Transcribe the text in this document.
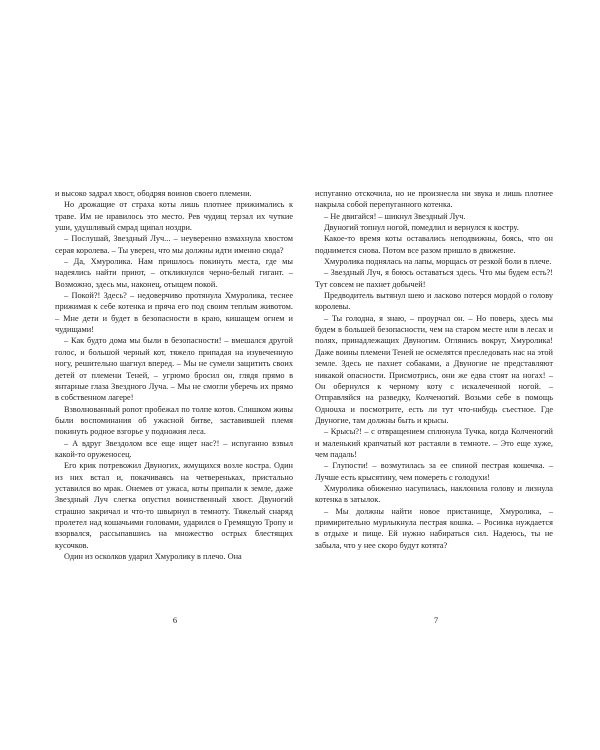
и высоко задрал хвост, ободряя воинов своего племени.

Но дрожащие от страха коты лишь плотнее прижимались к траве. Им не нравилось это место. Рев чудищ терзал их чуткие уши, удушливый смрад щипал ноздри.

– Послушай, Звездный Луч... – неуверенно взмахнула хвостом серая королева. – Ты уверен, что мы должны идти именно сюда?

– Да, Хмуролика. Нам пришлось покинуть места, где мы надеялись найти приют, – откликнулся черно-белый гигант. – Возможно, здесь мы, наконец, отыщем покой.

– Покой?! Здесь? – недоверчиво протянула Хмуролика, теснее прижимая к себе котенка и пряча его под своим теплым животом. – Мне дети и будет в безопасности в краю, кишащем огнем и чудищами!

– Как будто дома мы были в безопасности! – вмешался другой голос, и большой черный кот, тяжело припадая на изувеченную ногу, решительно шагнул вперед. – Мы не сумели защитить своих детей от племени Теней, – угрюмо бросил он, глядя прямо в янтарные глаза Звездного Луча. – Мы не смогли уберечь их прямо в собственном лагере!

Взволнованный ропот пробежал по толпе котов. Слишком живы были воспоминания об ужасной битве, заставившей племя покинуть родное взгорье у подножия леса.

– А вдруг Звездолом все еще ищет нас?! – испуганно взвыл какой-то оруженосец.

Его крик потревожил Двуногих, жмущихся возле костра. Один из них встал и, покачиваясь на четвереньках, пристально уставился во мрак. Онемев от ужаса, коты припали к земле, даже Звездный Луч слегка опустил воинственный хвост. Двуногий страшно закричал и что-то швырнул в темноту. Тяжелый снаряд пролетел над кошачьими головами, ударился о Гремящую Тропу и взорвался, рассыпавшись на множество острых блестящих кусочков.

Один из осколков ударил Хмуролику в плечо. Она

6

испуганно отскочила, но не произнесла ни звука и лишь плотнее накрыла собой перепуганного котенка.

– Не двигайся! – шикнул Звездный Луч.

Двуногий топнул ногой, помедлил и вернулся к костру.

Какое-то время коты оставались неподвижны, боясь, что он поднимется снова. Потом все разом пришло в движение.

Хмуролика поднялась на лапы, морщась от резкой боли в плече.

– Звездный Луч, я боюсь оставаться здесь. Что мы будем есть?! Тут совсем не пахнет добычей!

Предводитель вытянул шею и ласково потерся мордой о голову королевы.

– Ты голодна, я знаю, – проурчал он. – Но поверь, здесь мы будем в большей безопасности, чем на старом месте или в лесах и полях, принадлежащих Двуногим. Оглянись вокруг, Хмуролика! Даже воины племени Теней не осмелятся преследовать нас на этой земле. Здесь не пахнет собаками, а Двуногие не представляют никакой опасности. Присмотрись, они же едва стоят на ногах! – Он обернулся к черному коту с искалеченной ногой. – Отправляйся на разведку, Колченогий. Возьми себе в помощь Однouха и посмотрите, есть ли тут что-нибудь съестное. Где Двуногие, там должны быть и крысы.

– Крысы?! – с отвращением сплюнула Тучка, когда Колченогий и маленький крапчатый кот растаяли в темноте. – Это еще хуже, чем падаль!

– Глупости! – возмутилась за ее спиной пестрая кошечка. – Лучше есть крысятину, чем помереть с голодухи!

Хмуролика обиженно насупилась, наклонила голову и лизнула котенка в затылок.

– Мы должны найти новое пристанище, Хмуролика, – примирительно мурлыкнула пестрая кошка. – Росинка нуждается в отдыхе и пище. Ей нужно набираться сил. Надеюсь, ты не забыла, что у нее скоро будут котята?

7
